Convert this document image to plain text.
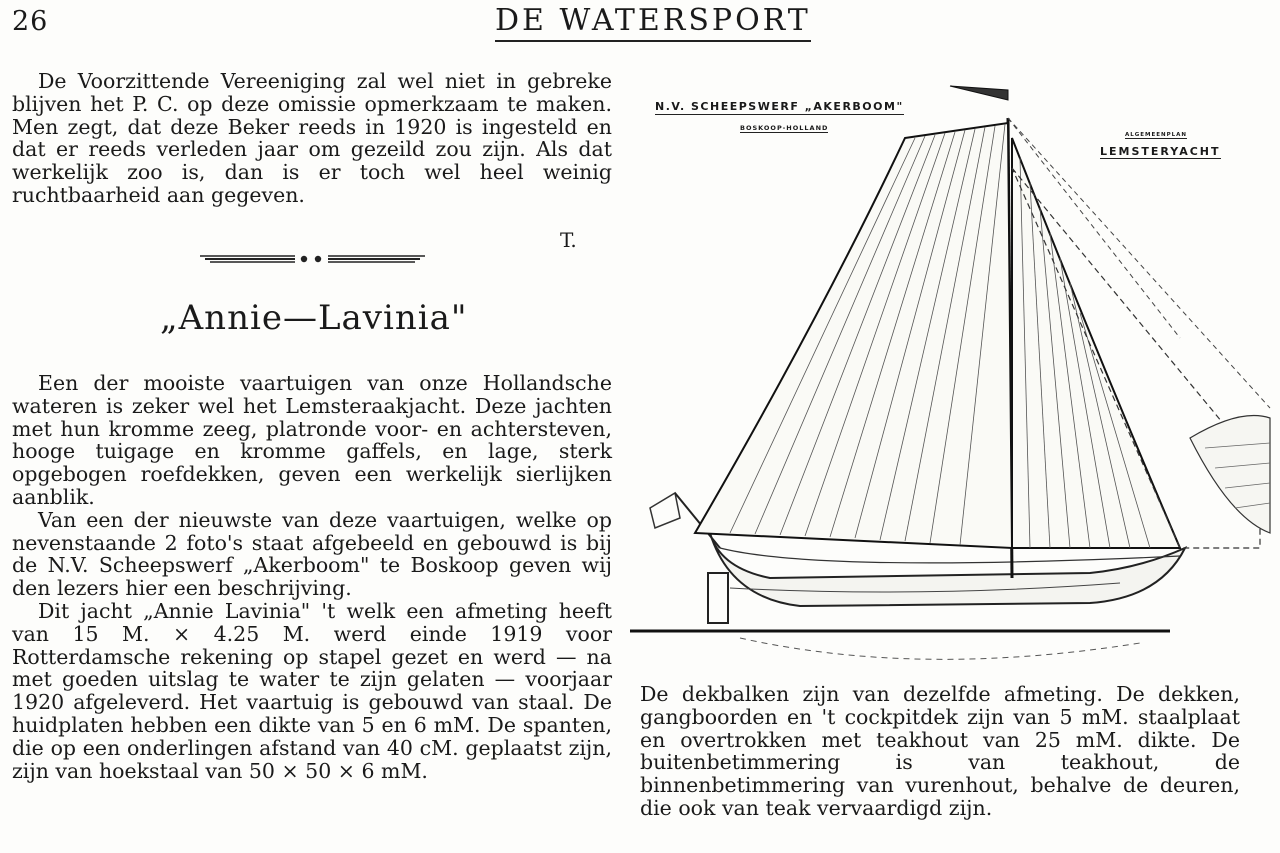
26	DE WATERSPORT
De Voorzittende Vereeniging zal wel niet in gebreke blijven het P. C. op deze omissie opmerkzaam te maken. Men zegt, dat deze Beker reeds in 1920 is ingesteld en dat er reeds verleden jaar om gezeild zou zijn. Als dat werkelijk zoo is, dan is er toch wel heel weinig ruchtbaarheid aan gegeven.
T.
„Annie—Lavinia"

Een der mooiste vaartuigen van onze Hollandsche wateren is zeker wel het Lemsteraakjacht. Deze jachten met hun kromme zeeg, platronde voor- en achtersteven, hooge tuigage en kromme gaffels, en lage, sterk opgebogen roefdekken, geven een werkelijk sierlijken aanblik.

Van een der nieuwste van deze vaartuigen, welke op nevenstaande 2 foto's staat afgebeeld en gebouwd is bij de N.V. Scheepswerf „Akerboom" te Boskoop geven wij den lezers hier een beschrijving.

Dit jacht „Annie Lavinia" 't welk een afmeting heeft van 15 M. × 4.25 M. werd einde 1919 voor Rotterdamsche rekening op stapel gezet en werd — na met goeden uitslag te water te zijn gelaten — voorjaar 1920 afgeleverd. Het vaartuig is gebouwd van staal. De huidplaten hebben een dikte van 5 en 6 mM. De spanten, die op een onderlingen afstand van 40 cM. geplaatst zijn, zijn van hoekstaal van 50 × 50 × 6 mM.

N.V. SCHEEPSWERF „AKERBOOM"
BOSKOOP-HOLLAND
ALGEMEENPLAN
LEMSTERYACHT

De dekbalken zijn van dezelfde afmeting. De dekken, gangboorden en 't cockpitdek zijn van 5 mM. staalplaat en overtrokken met teakhout van 25 mM. dikte. De buitenbetimmering is van teakhout, de binnenbetimmering van vurenhout, behalve de deuren, die ook van teak vervaardigd zijn.
